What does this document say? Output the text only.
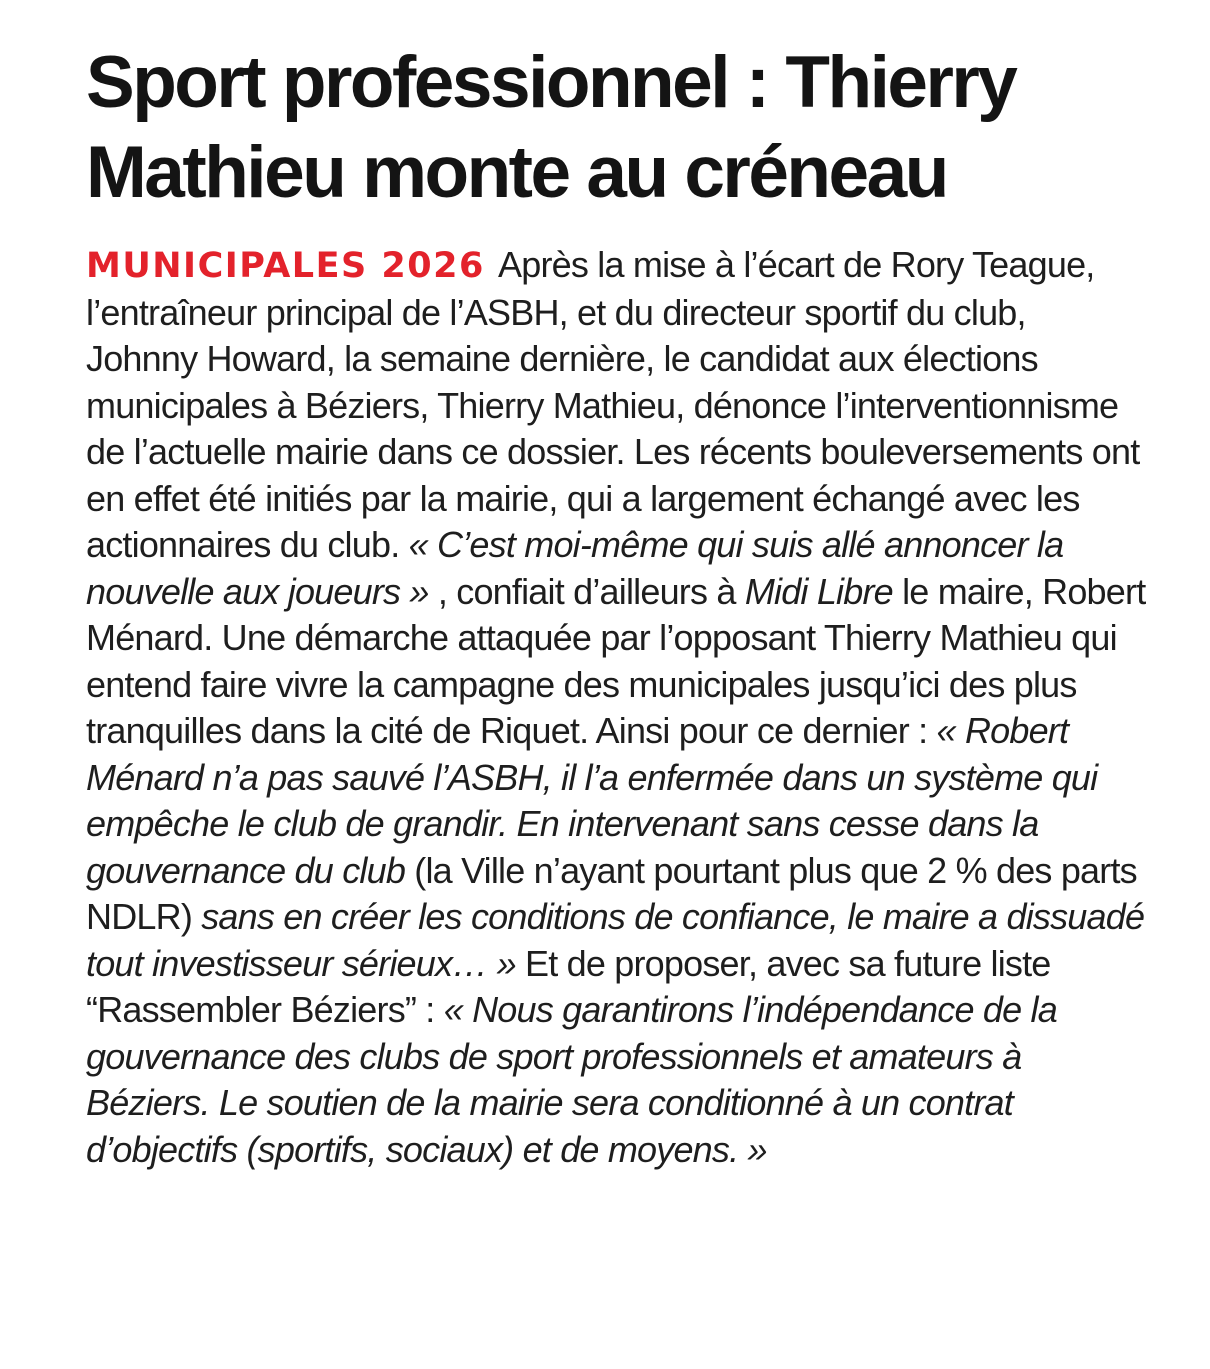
Sport professionnel : Thierry Mathieu monte au créneau

MUNICIPALES 2026 Après la mise à l’écart de Rory Teague, l’entraîneur principal de l’ASBH, et du directeur sportif du club, Johnny Howard, la semaine dernière, le candidat aux élections municipales à Béziers, Thierry Mathieu, dénonce l’interventionnisme de l’actuelle mairie dans ce dossier. Les récents bouleversements ont en effet été initiés par la mairie, qui a largement échangé avec les actionnaires du club. « C’est moi-même qui suis allé annoncer la nouvelle aux joueurs » , confiait d’ailleurs à Midi Libre le maire, Robert Ménard. Une démarche attaquée par l’opposant Thierry Mathieu qui entend faire vivre la campagne des municipales jusqu’ici des plus tranquilles dans la cité de Riquet. Ainsi pour ce dernier : « Robert Ménard n’a pas sauvé l’ASBH, il l’a enfermée dans un système qui empêche le club de grandir. En intervenant sans cesse dans la gouvernance du club (la Ville n’ayant pourtant plus que 2 % des parts NDLR) sans en créer les conditions de confiance, le maire a dissuadé tout investisseur sérieux… » Et de proposer, avec sa future liste “Rassembler Béziers” : « Nous garantirons l’indépendance de la gouvernance des clubs de sport professionnels et amateurs à Béziers. Le soutien de la mairie sera conditionné à un contrat d’objectifs (sportifs, sociaux) et de moyens. »
